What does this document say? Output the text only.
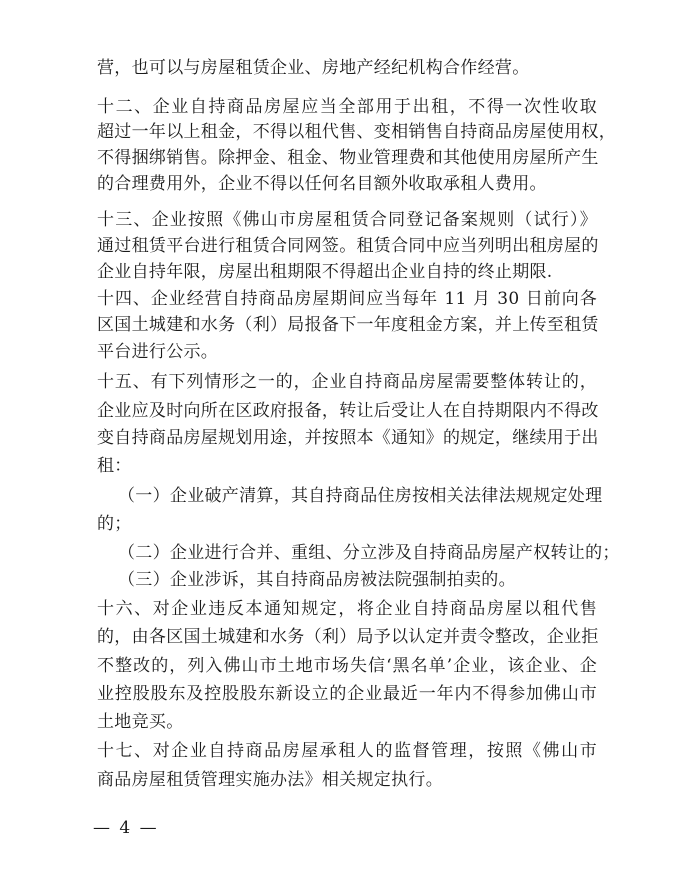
营，也可以与房屋租赁企业、房地产经纪机构合作经营。
十二、企业自持商品房屋应当全部用于出租，不得一次性收取
超过一年以上租金，不得以租代售、变相销售自持商品房屋使用权，
不得捆绑销售。除押金、租金、物业管理费和其他使用房屋所产生
的合理费用外，企业不得以任何名目额外收取承租人费用。
十三、企业按照《佛山市房屋租赁合同登记备案规则（试行）》
通过租赁平台进行租赁合同网签。租赁合同中应当列明出租房屋的
企业自持年限，房屋出租期限不得超出企业自持的终止期限.
十四、企业经营自持商品房屋期间应当每年 11 月 30 日前向各
区国土城建和水务（利）局报备下一年度租金方案，并上传至租赁
平台进行公示。
十五、有下列情形之一的，企业自持商品房屋需要整体转让的，
企业应及时向所在区政府报备，转让后受让人在自持期限内不得改
变自持商品房屋规划用途，并按照本《通知》的规定，继续用于出
租：
（一）企业破产清算，其自持商品住房按相关法律法规规定处理
的；
（二）企业进行合并、重组、分立涉及自持商品房屋产权转让的；
（三）企业涉诉，其自持商品房被法院强制拍卖的。
十六、对企业违反本通知规定，将企业自持商品房屋以租代售
的，由各区国土城建和水务（利）局予以认定并责令整改，企业拒
不整改的，列入佛山市土地市场失信‘黑名单’企业，该企业、企
业控股股东及控股股东新设立的企业最近一年内不得参加佛山市
土地竞买。
十七、对企业自持商品房屋承租人的监督管理，按照《佛山市
商品房屋租赁管理实施办法》相关规定执行。
— 4 —
